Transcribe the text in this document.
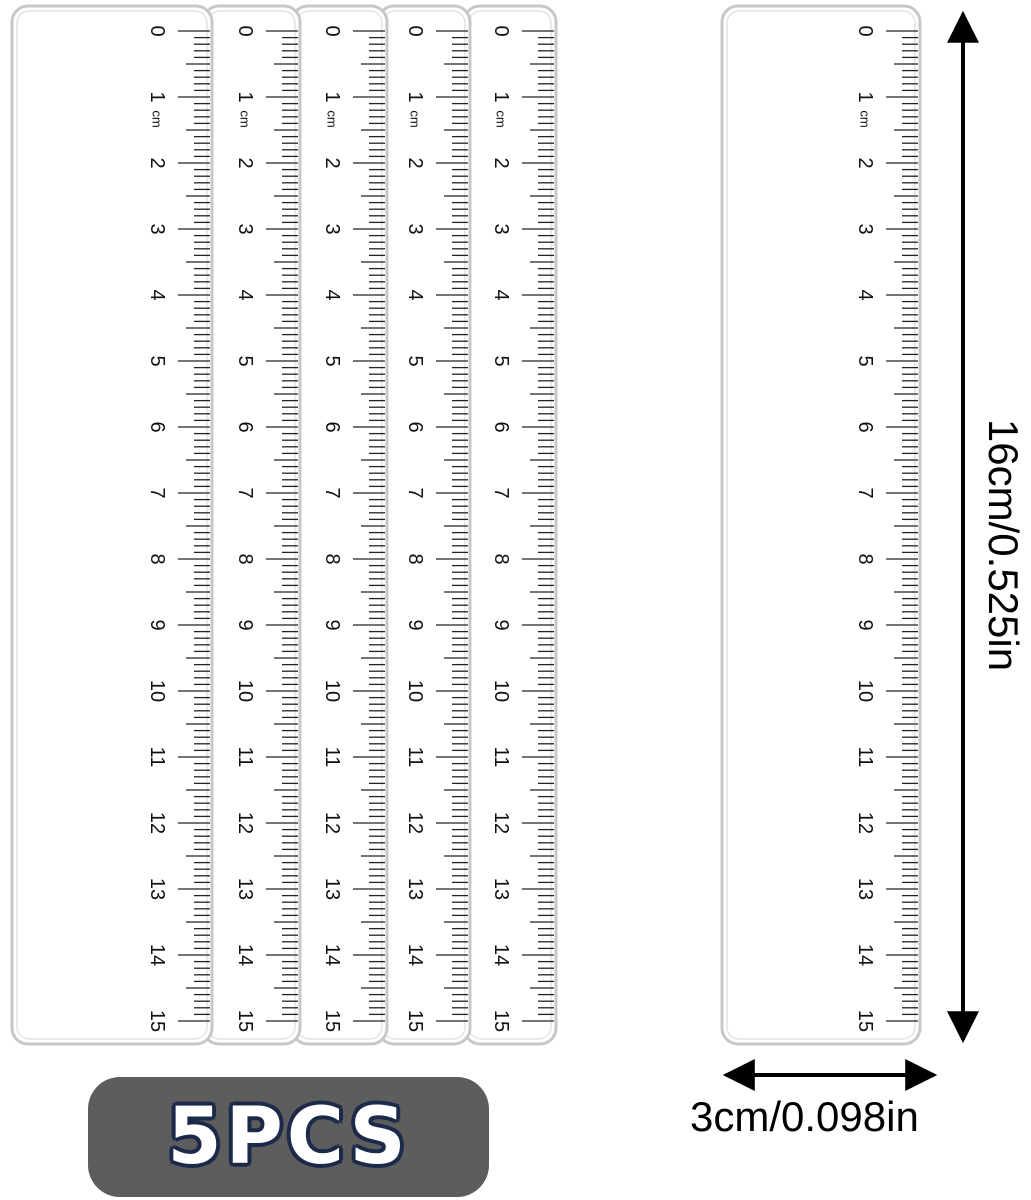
0
1
cm
2
3
4
5
6
7
8
9
10
11
12
13
14
15
0
1
cm
2
3
4
5
6
7
8
9
10
11
12
13
14
15
0
1
cm
2
3
4
5
6
7
8
9
10
11
12
13
14
15
0
1
cm
2
3
4
5
6
7
8
9
10
11
12
13
14
15
0
1
cm
2
3
4
5
6
7
8
9
10
11
12
13
14
15
0
1
cm
2
3
4
5
6
7
8
9
10
11
12
13
14
15
5PCS
16cm/0.525in
3cm/0.098in
